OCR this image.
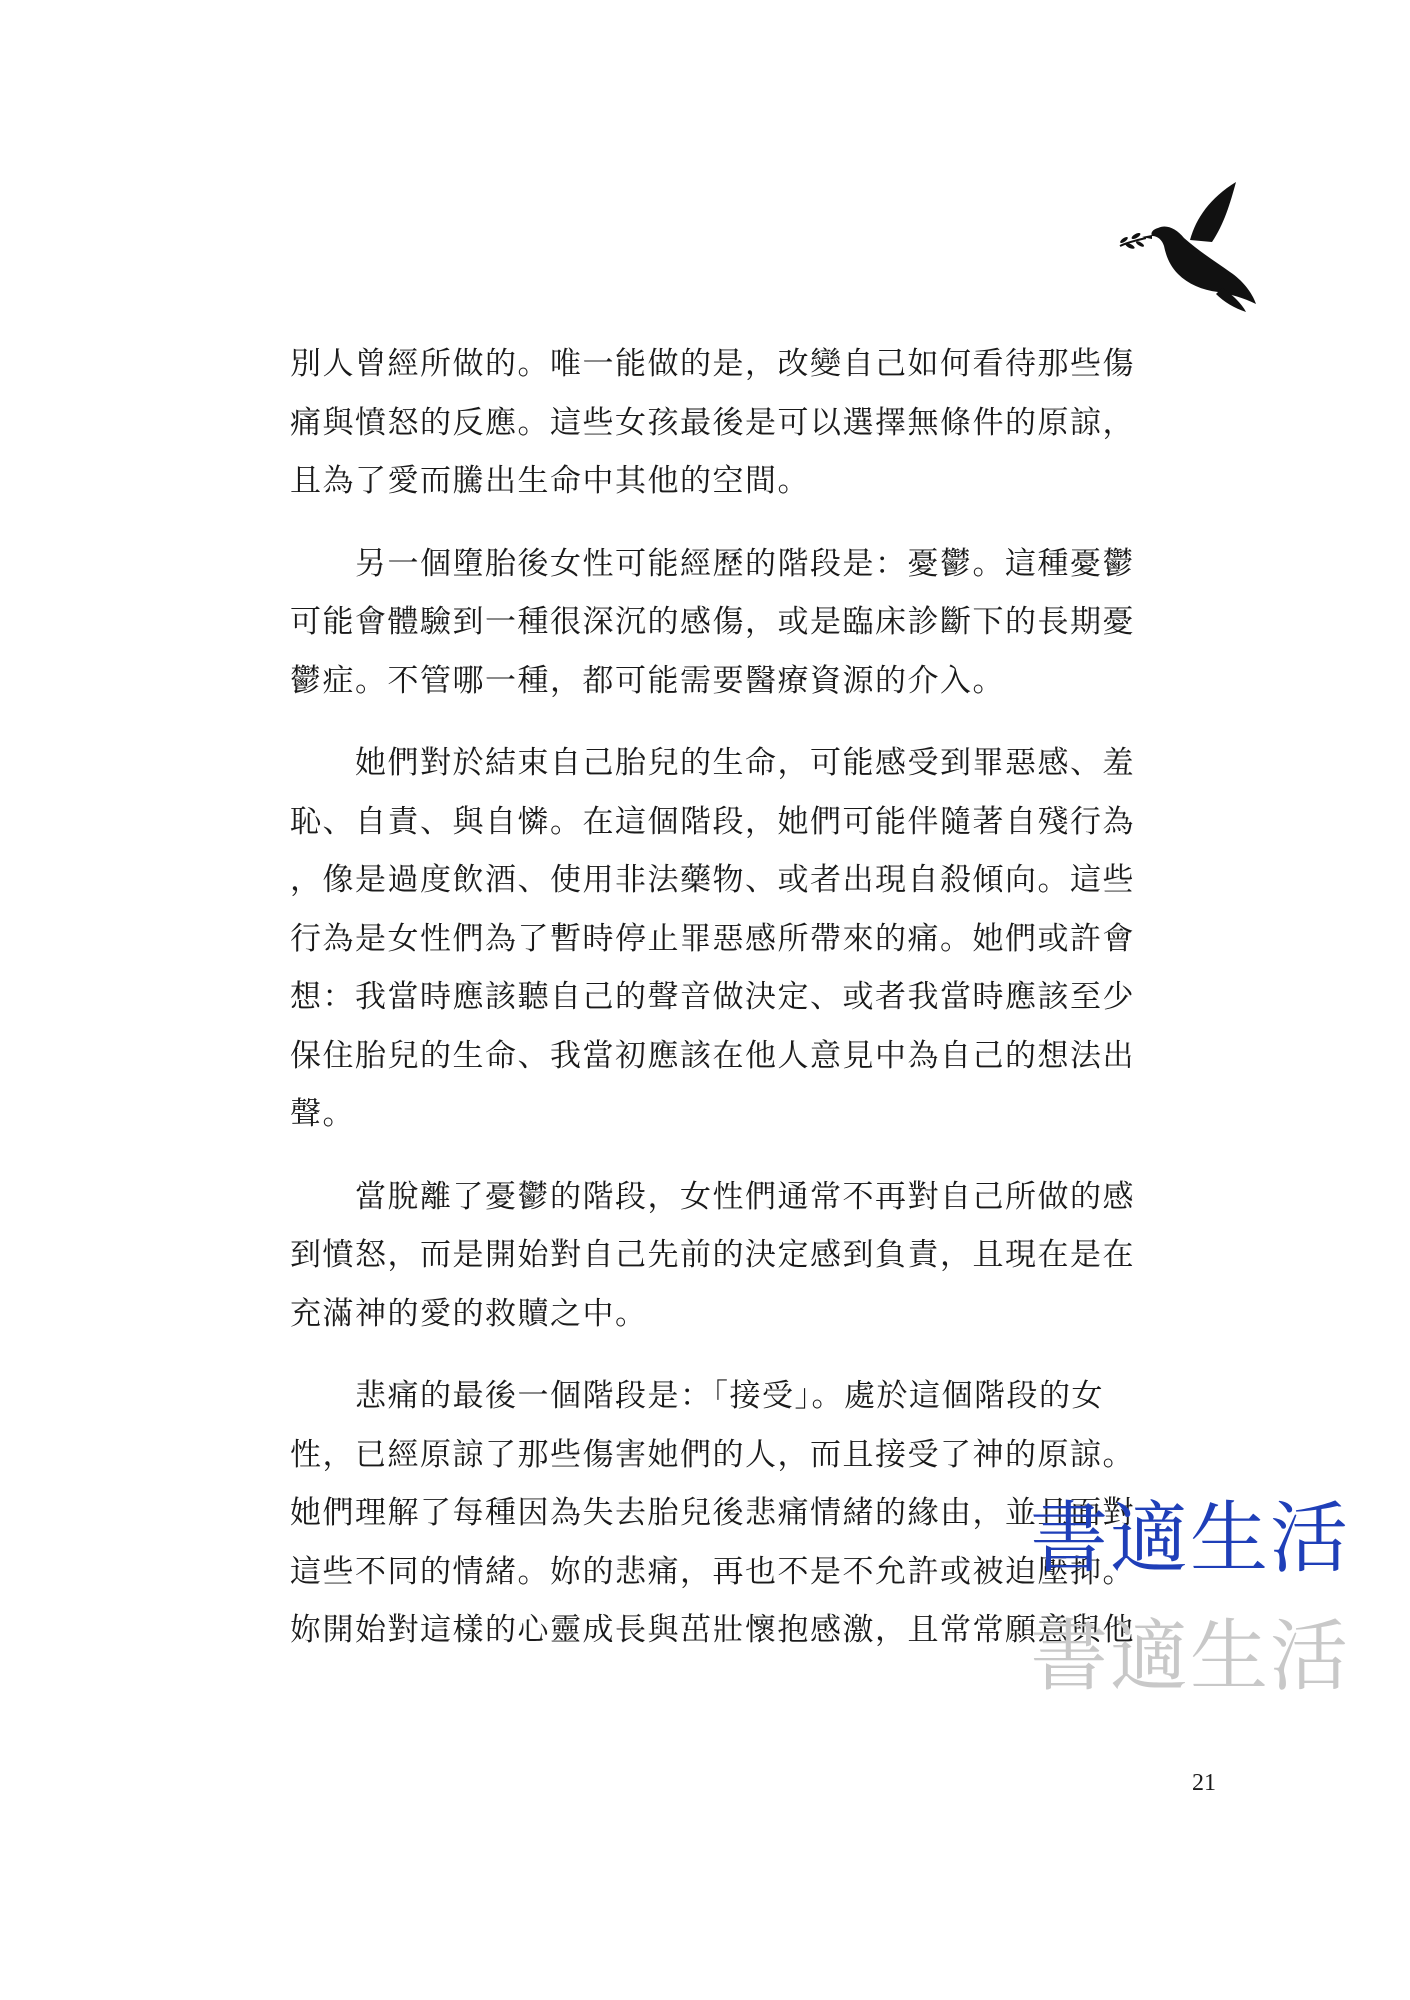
別人曾經所做的。唯一能做的是，改變自己如何看待那些傷
痛與憤怒的反應。這些女孩最後是可以選擇無條件的原諒，
且為了愛而騰出生命中其他的空間。
另一個墮胎後女性可能經歷的階段是：憂鬱。這種憂鬱
可能會體驗到一種很深沉的感傷，或是臨床診斷下的長期憂
鬱症。不管哪一種，都可能需要醫療資源的介入。
她們對於結束自己胎兒的生命，可能感受到罪惡感、羞
恥、自責、與自憐。在這個階段，她們可能伴隨著自殘行為
，像是過度飲酒、使用非法藥物、或者出現自殺傾向。這些
行為是女性們為了暫時停止罪惡感所帶來的痛。她們或許會
想：我當時應該聽自己的聲音做決定、或者我當時應該至少
保住胎兒的生命、我當初應該在他人意見中為自己的想法出
聲。
當脫離了憂鬱的階段，女性們通常不再對自己所做的感
到憤怒，而是開始對自己先前的決定感到負責，且現在是在
充滿神的愛的救贖之中。
悲痛的最後一個階段是：「接受」。處於這個階段的女
性，已經原諒了那些傷害她們的人，而且接受了神的原諒。
她們理解了每種因為失去胎兒後悲痛情緒的緣由，並且面對
這些不同的情緒。妳的悲痛，再也不是不允許或被迫壓抑。
妳開始對這樣的心靈成長與茁壯懷抱感激，且常常願意與他
書適生活
書適生活
21
